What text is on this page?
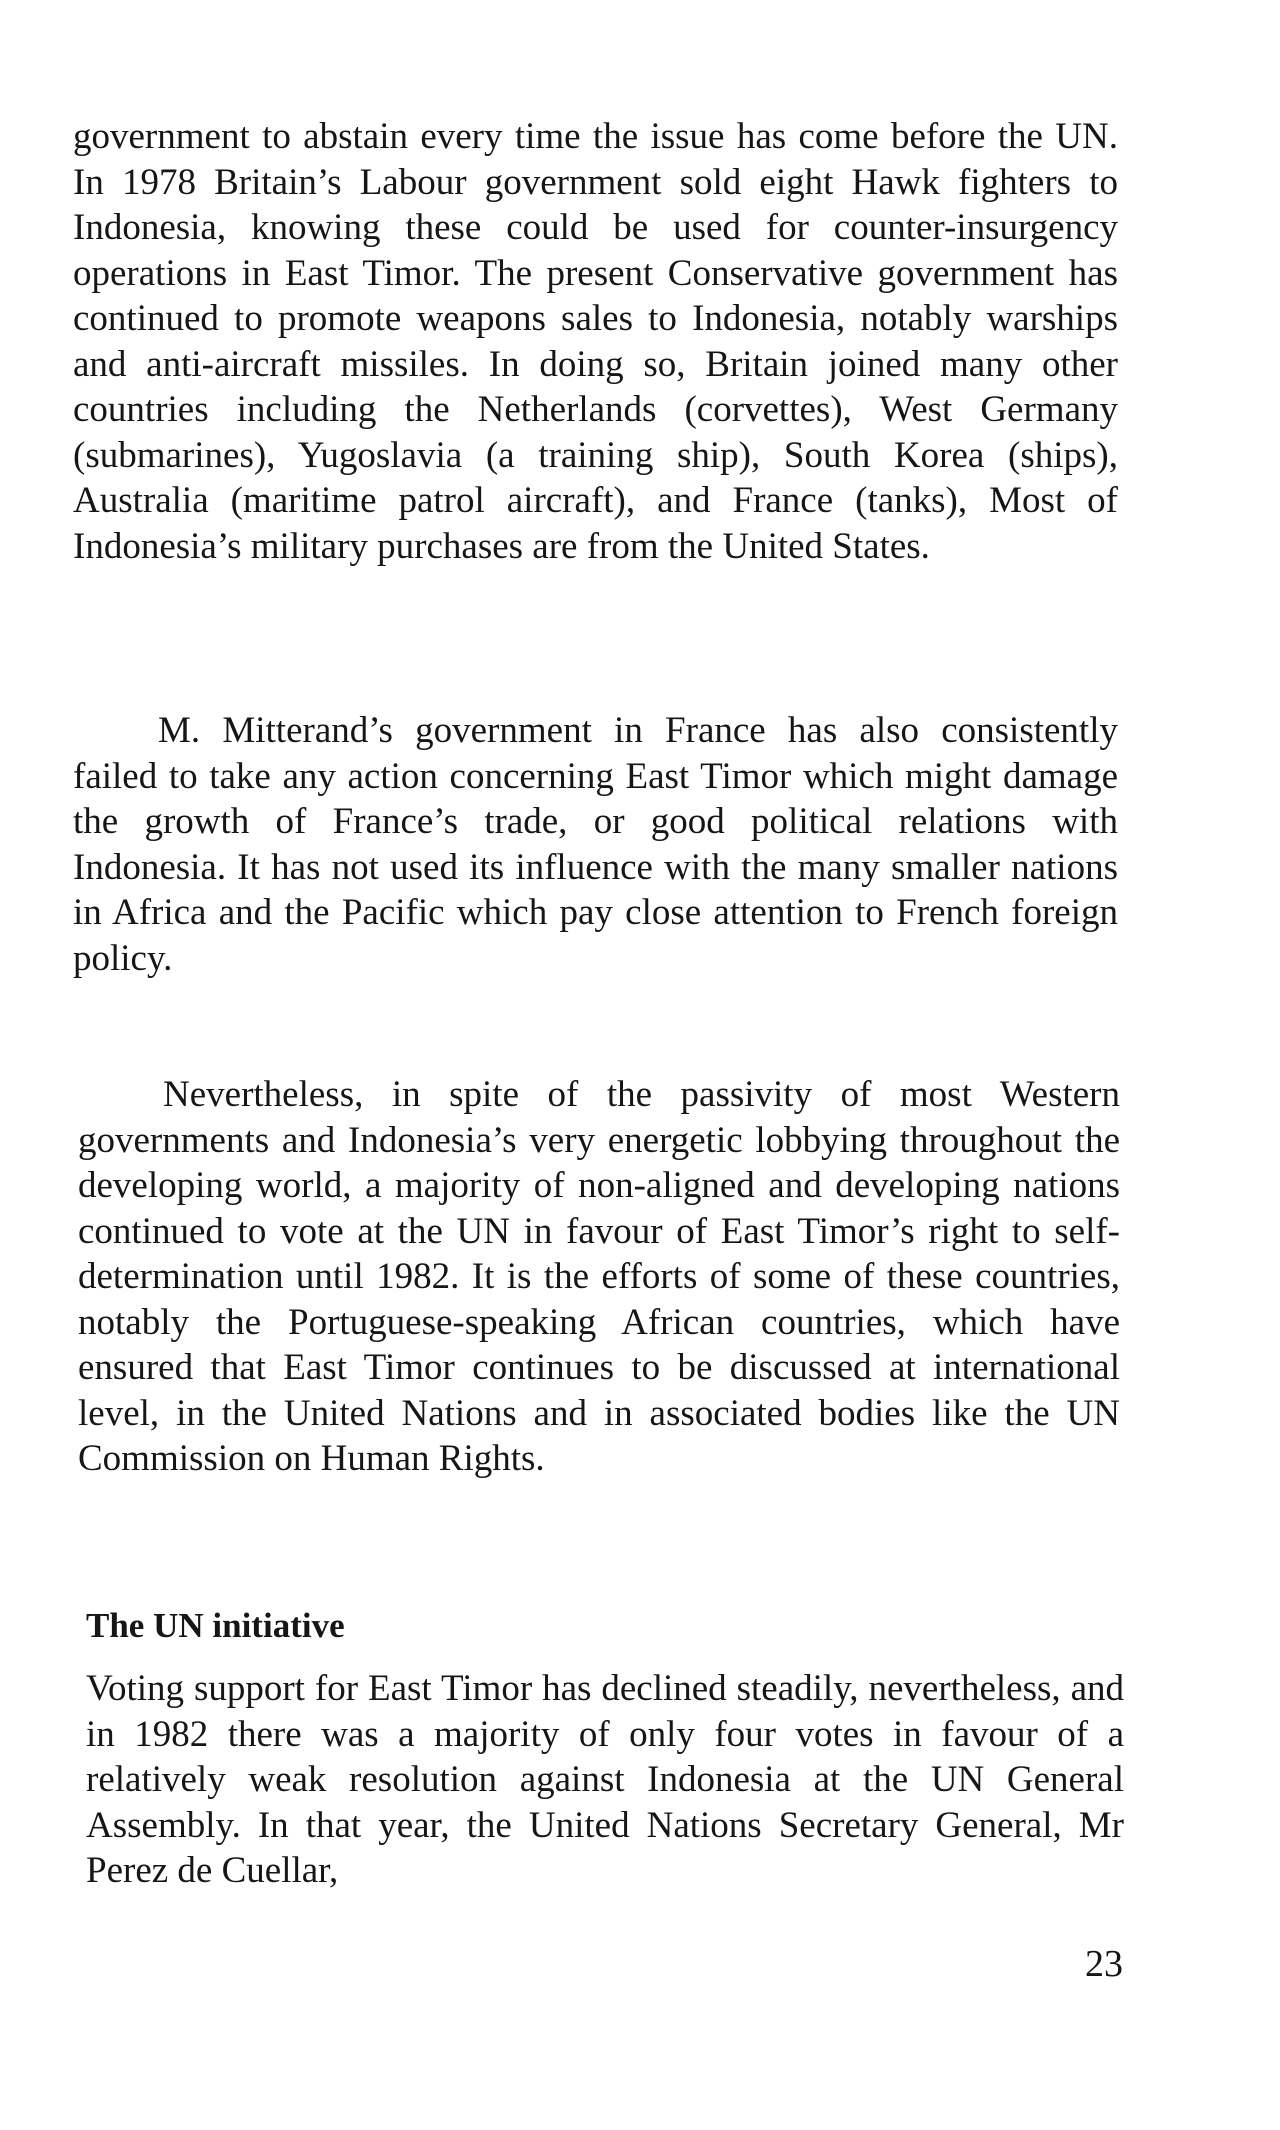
government to abstain every time the issue has come before the UN. In 1978 Britain’s Labour government sold eight Hawk fighters to Indonesia, knowing these could be used for counter-insurgency operations in East Timor. The present Conservative government has continued to promote weapons sales to Indonesia, notably warships and anti-aircraft missiles. In doing so, Britain joined many other countries including the Netherlands (corvettes), West Germany (submarines), Yugoslavia (a training ship), South Korea (ships), Australia (maritime patrol aircraft), and France (tanks), Most of Indonesia’s military purchases are from the United States.

M. Mitterand’s government in France has also consistently failed to take any action concerning East Timor which might damage the growth of France’s trade, or good political relations with Indonesia. It has not used its influence with the many smaller nations in Africa and the Pacific which pay close attention to French foreign policy.

Nevertheless, in spite of the passivity of most Western governments and Indonesia’s very energetic lobbying throughout the developing world, a majority of non-aligned and developing nations continued to vote at the UN in favour of East Timor’s right to self-determination until 1982. It is the efforts of some of these countries, notably the Portuguese-speaking African countries, which have ensured that East Timor continues to be discussed at international level, in the United Nations and in associated bodies like the UN Commission on Human Rights.

The UN initiative

Voting support for East Timor has declined steadily, nevertheless, and in 1982 there was a majority of only four votes in favour of a relatively weak resolution against Indonesia at the UN General Assembly. In that year, the United Nations Secretary General, Mr Perez de Cuellar,

23
